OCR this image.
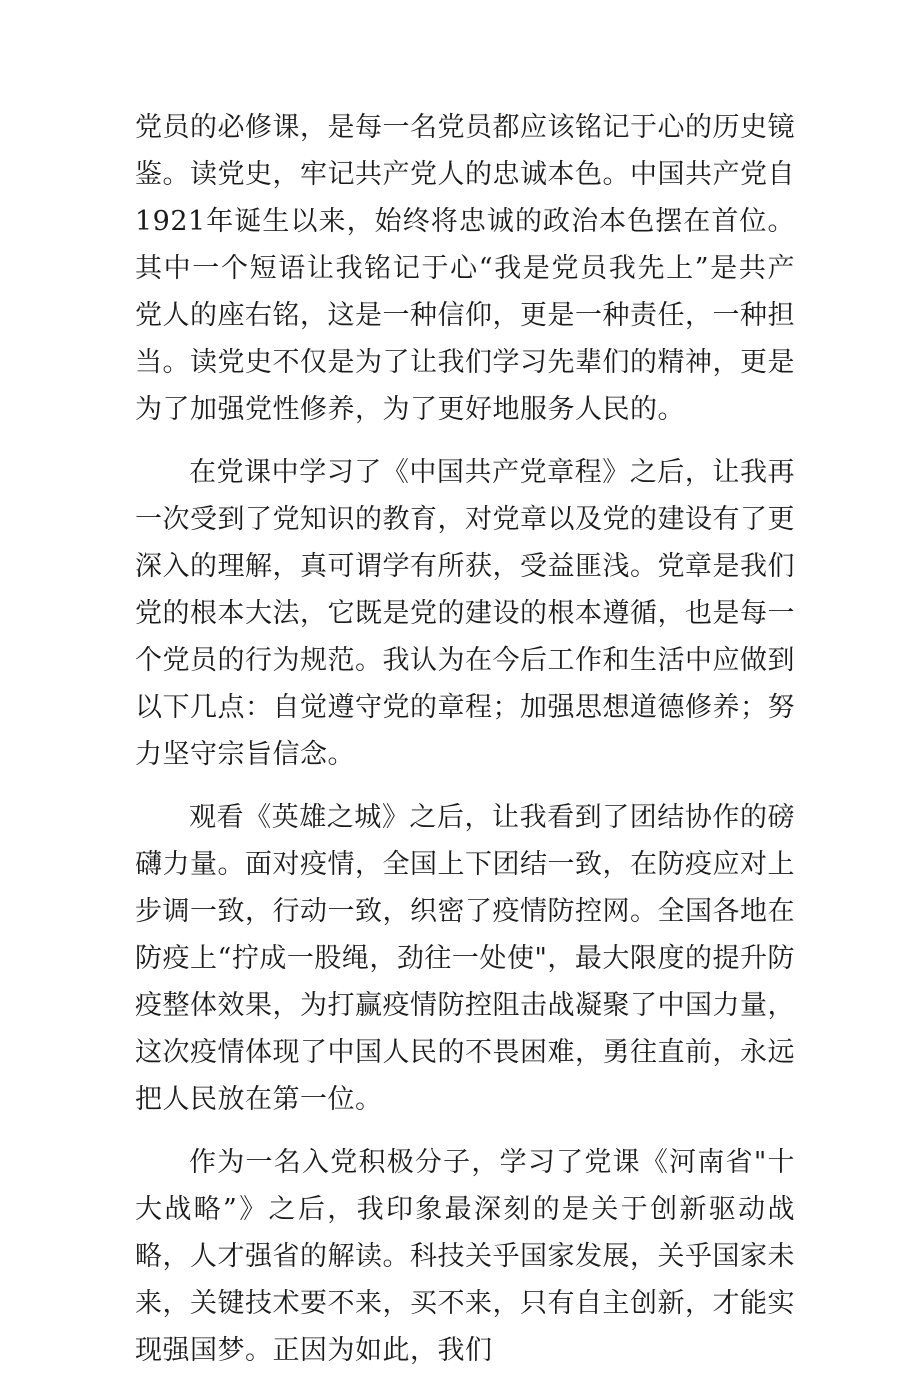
党员的必修课，是每一名党员都应该铭记于心的历史镜鉴。读党史，牢记共产党人的忠诚本色。中国共产党自1921年诞生以来，始终将忠诚的政治本色摆在首位。其中一个短语让我铭记于心“我是党员我先上”是共产党人的座右铭，这是一种信仰，更是一种责任，一种担当。读党史不仅是为了让我们学习先辈们的精神，更是为了加强党性修养，为了更好地服务人民的。

在党课中学习了《中国共产党章程》之后，让我再一次受到了党知识的教育，对党章以及党的建设有了更深入的理解，真可谓学有所获，受益匪浅。党章是我们党的根本大法，它既是党的建设的根本遵循，也是每一个党员的行为规范。我认为在今后工作和生活中应做到以下几点：自觉遵守党的章程；加强思想道德修养；努力坚守宗旨信念。

观看《英雄之城》之后，让我看到了团结协作的磅礴力量。面对疫情，全国上下团结一致，在防疫应对上步调一致，行动一致，织密了疫情防控网。全国各地在防疫上“拧成一股绳，劲往一处使"，最大限度的提升防疫整体效果，为打赢疫情防控阻击战凝聚了中国力量，这次疫情体现了中国人民的不畏困难，勇往直前，永远把人民放在第一位。

作为一名入党积极分子，学习了党课《河南省"十大战略”》之后，我印象最深刻的是关于创新驱动战略，人才强省的解读。科技关乎国家发展，关乎国家未来，关键技术要不来，买不来，只有自主创新，才能实现强国梦。正因为如此，我们
